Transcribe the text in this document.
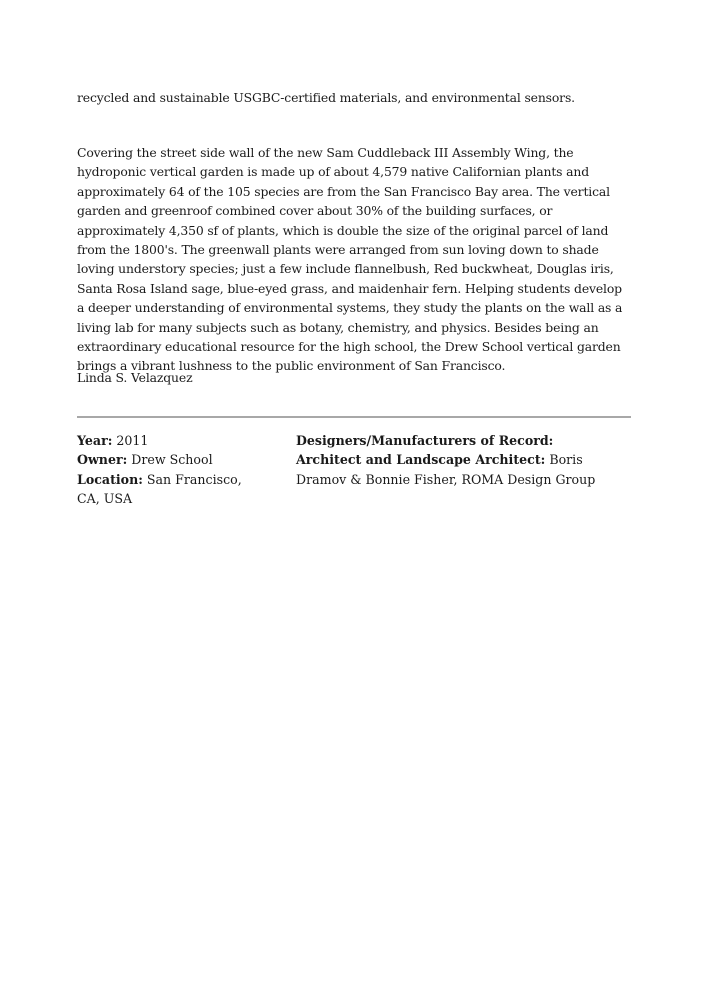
recycled and sustainable USGBC-certified materials, and environmental sensors.

Covering the street side wall of the new Sam Cuddleback III Assembly Wing, the hydroponic vertical garden is made up of about 4,579 native Californian plants and approximately 64 of the 105 species are from the San Francisco Bay area. The vertical garden and greenroof combined cover about 30% of the building surfaces, or approximately 4,350 sf of plants, which is double the size of the original parcel of land from the 1800's. The greenwall plants were arranged from sun loving down to shade loving understory species; just a few include flannelbush, Red buckwheat, Douglas iris, Santa Rosa Island sage, blue-eyed grass, and maidenhair fern. Helping students develop a deeper understanding of environmental systems, they study the plants on the wall as a living lab for many subjects such as botany, chemistry, and physics. Besides being an extraordinary educational resource for the high school, the Drew School vertical garden brings a vibrant lushness to the public environment of San Francisco.

Linda S. Velazquez

Year: 2011
Owner: Drew School
Location: San Francisco, CA, USA
Designers/Manufacturers of Record:
Architect and Landscape Architect: Boris Dramov & Bonnie Fisher, ROMA Design Group
